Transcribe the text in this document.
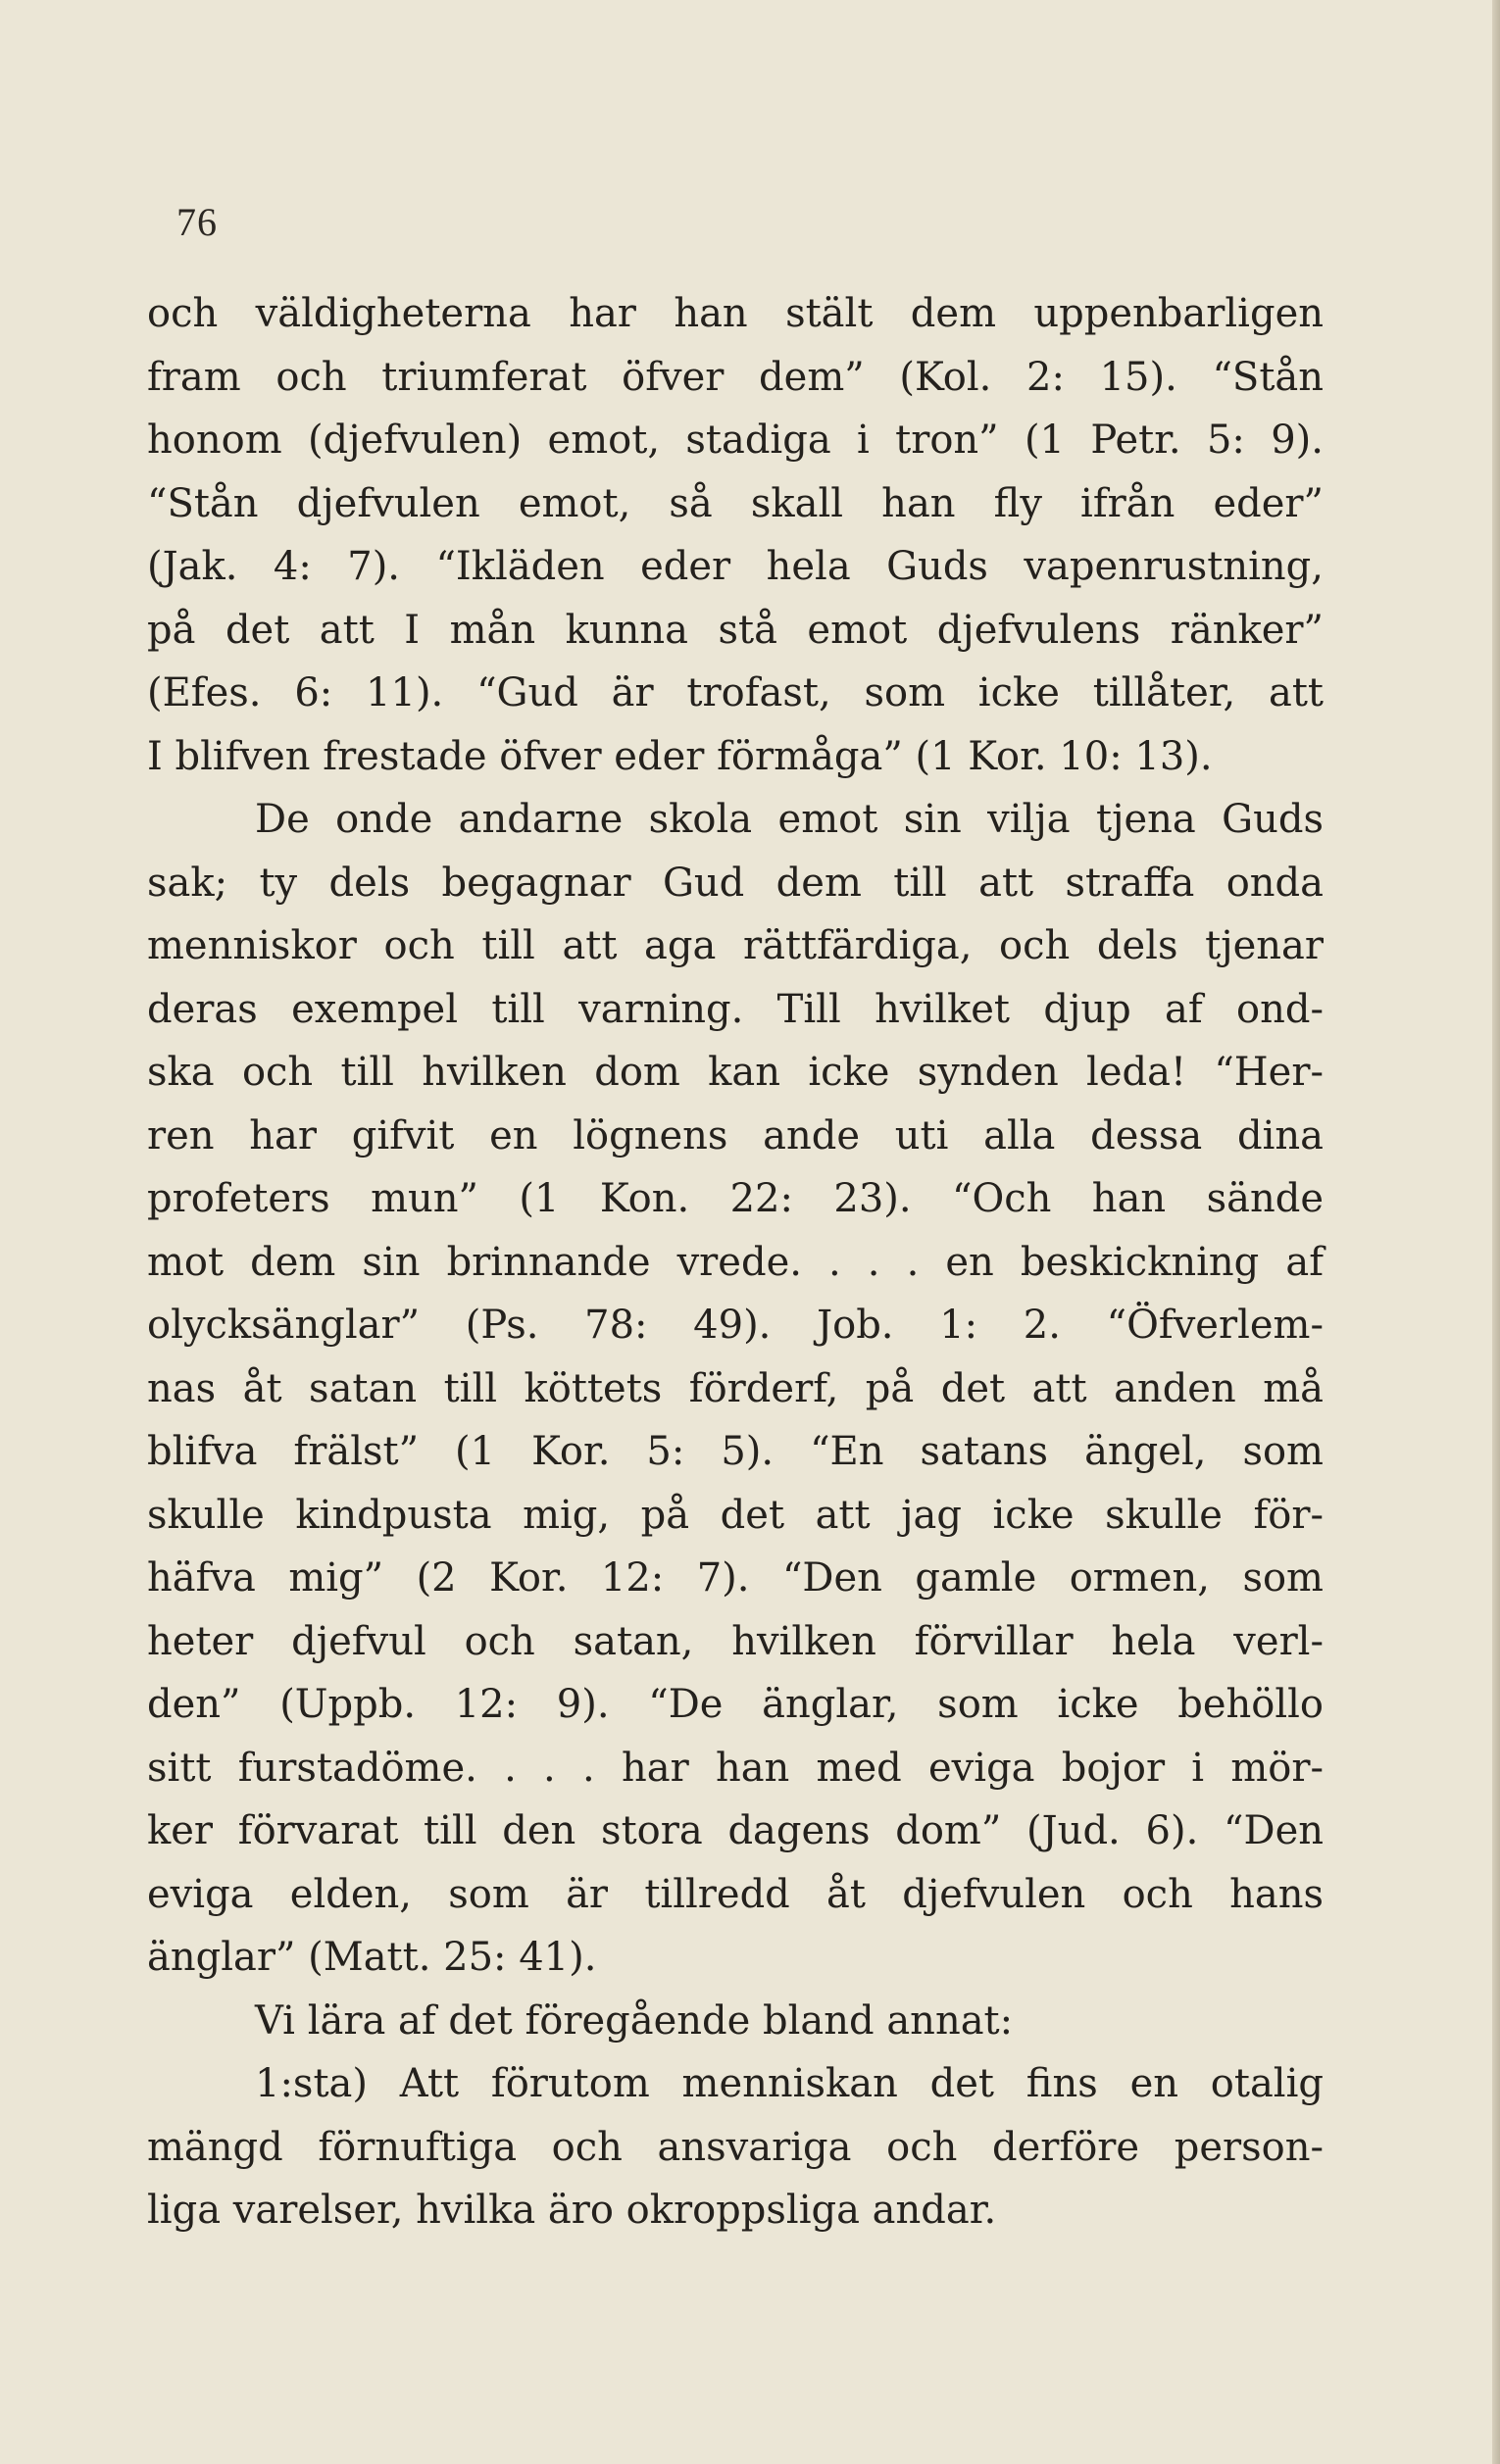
76
och väldigheterna har han stält dem uppenbarligen
fram och triumferat öfver dem” (Kol. 2: 15). “Stån
honom (djefvulen) emot, stadiga i tron” (1 Petr. 5: 9).
“Stån djefvulen emot, så skall han fly ifrån eder”
(Jak. 4: 7). “Ikläden eder hela Guds vapenrustning,
på det att I mån kunna stå emot djefvulens ränker”
(Efes. 6: 11). “Gud är trofast, som icke tillåter, att
I blifven frestade öfver eder förmåga” (1 Kor. 10: 13).
De onde andarne skola emot sin vilja tjena Guds
sak; ty dels begagnar Gud dem till att straffa onda
menniskor och till att aga rättfärdiga, och dels tjenar
deras exempel till varning. Till hvilket djup af ond-
ska och till hvilken dom kan icke synden leda! “Her-
ren har gifvit en lögnens ande uti alla dessa dina
profeters mun” (1 Kon. 22: 23). “Och han sände
mot dem sin brinnande vrede. . . . en beskickning af
olycksänglar” (Ps. 78: 49). Job. 1: 2. “Öfverlem-
nas åt satan till köttets förderf, på det att anden må
blifva frälst” (1 Kor. 5: 5). “En satans ängel, som
skulle kindpusta mig, på det att jag icke skulle för-
häfva mig” (2 Kor. 12: 7). “Den gamle ormen, som
heter djefvul och satan, hvilken förvillar hela verl-
den” (Uppb. 12: 9). “De änglar, som icke behöllo
sitt furstadöme. . . . har han med eviga bojor i mör-
ker förvarat till den stora dagens dom” (Jud. 6). “Den
eviga elden, som är tillredd åt djefvulen och hans
änglar” (Matt. 25: 41).
Vi lära af det föregående bland annat:
1:sta) Att förutom menniskan det fins en otalig
mängd förnuftiga och ansvariga och derföre person-
liga varelser, hvilka äro okroppsliga andar.
